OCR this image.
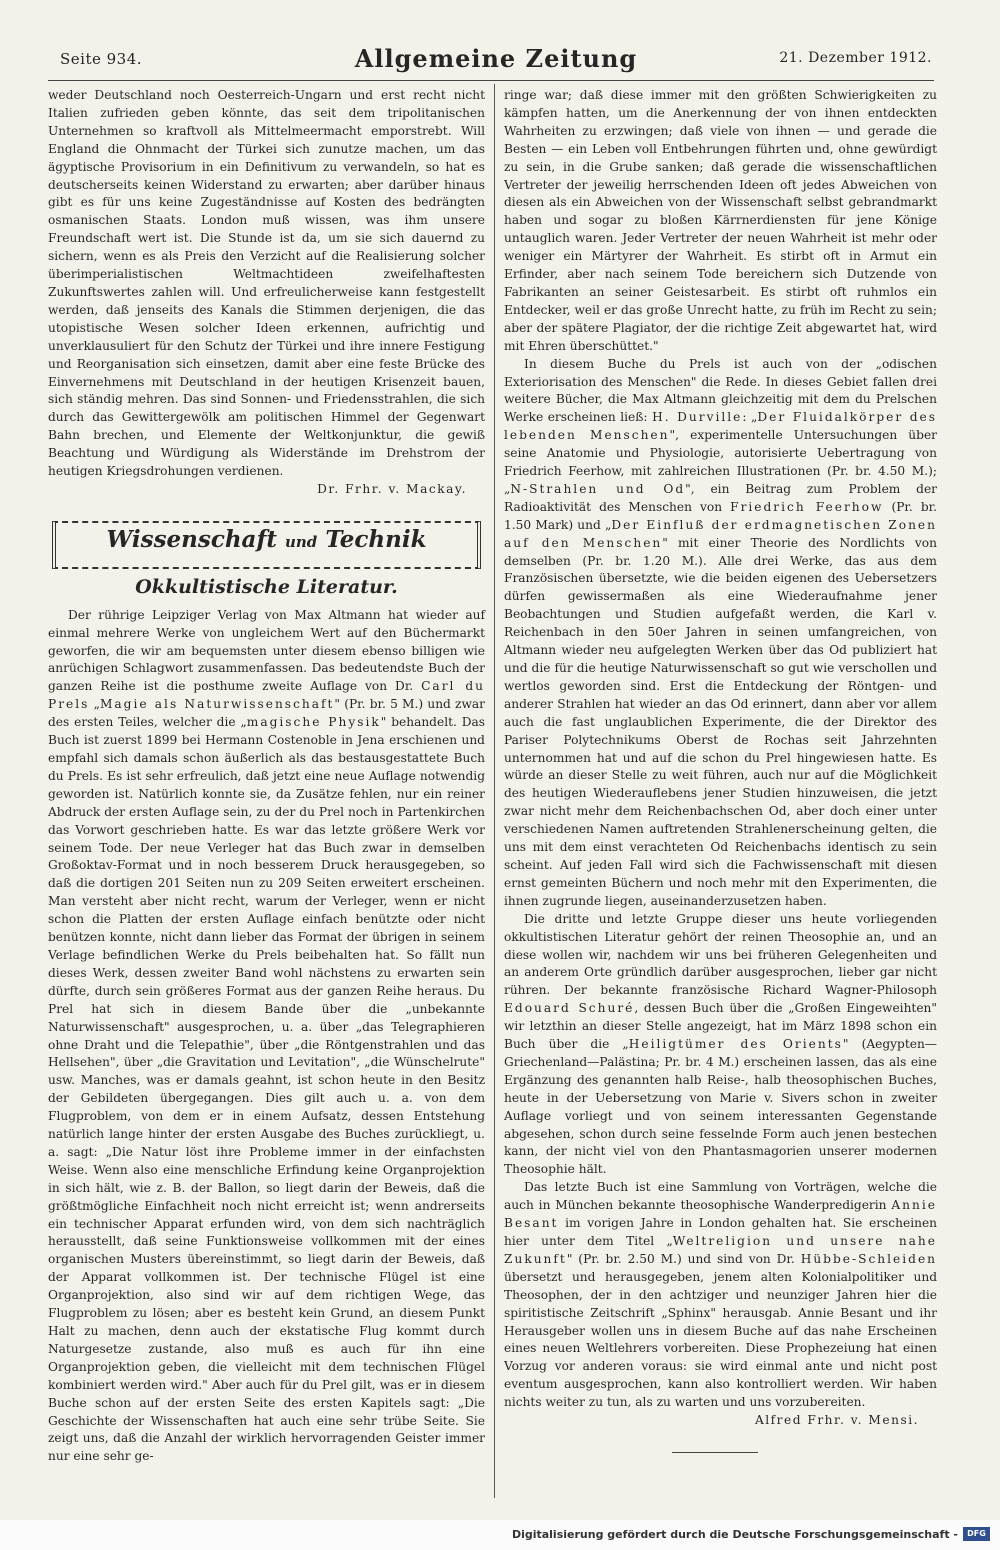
Seite 934.	Allgemeine Zeitung	21. Dezember 1912.

weder Deutschland noch Oesterreich-Ungarn und erst recht nicht Italien zufrieden geben könnte, das seit dem tripolitanischen Unternehmen so kraftvoll als Mittelmeermacht emporstrebt. Will England die Ohnmacht der Türkei sich zunutze machen, um das ägyptische Provisorium in ein Definitivum zu verwandeln, so hat es deutscherseits keinen Widerstand zu erwarten; aber darüber hinaus gibt es für uns keine Zugeständnisse auf Kosten des bedrängten osmanischen Staats. London muß wissen, was ihm unsere Freundschaft wert ist. Die Stunde ist da, um sie sich dauernd zu sichern, wenn es als Preis den Verzicht auf die Realisierung solcher überimperialistischen Weltmachtideen zweifelhaftesten Zukunftswertes zahlen will. Und erfreulicherweise kann festgestellt werden, daß jenseits des Kanals die Stimmen derjenigen, die das utopistische Wesen solcher Ideen erkennen, aufrichtig und unverklausuliert für den Schutz der Türkei und ihre innere Festigung und Reorganisation sich einsetzen, damit aber eine feste Brücke des Einvernehmens mit Deutschland in der heutigen Krisenzeit bauen, sich ständig mehren. Das sind Sonnen- und Friedensstrahlen, die sich durch das Gewittergewölk am politischen Himmel der Gegenwart Bahn brechen, und Elemente der Weltkonjunktur, die gewiß Beachtung und Würdigung als Widerstände im Drehstrom der heutigen Kriegsdrohungen verdienen.

Dr. Frhr. v. Mackay.

Wissenschaft und Technik
Okkultistische Literatur.

Der rührige Leipziger Verlag von Max Altmann hat wieder auf einmal mehrere Werke von ungleichem Wert auf den Büchermarkt geworfen, die wir am bequemsten unter diesem ebenso billigen wie anrüchigen Schlagwort zusammenfassen. Das bedeutendste Buch der ganzen Reihe ist die posthume zweite Auflage von Dr. Carl du Prels „Magie als Naturwissenschaft" (Pr. br. 5 M.) und zwar des ersten Teiles, welcher die „magische Physik" behandelt. Das Buch ist zuerst 1899 bei Hermann Costenoble in Jena erschienen und empfahl sich damals schon äußerlich als das bestausgestattete Buch du Prels. Es ist sehr erfreulich, daß jetzt eine neue Auflage notwendig geworden ist. Natürlich konnte sie, da Zusätze fehlen, nur ein reiner Abdruck der ersten Auflage sein, zu der du Prel noch in Partenkirchen das Vorwort geschrieben hatte. Es war das letzte größere Werk vor seinem Tode. Der neue Verleger hat das Buch zwar in demselben Großoktav-Format und in noch besserem Druck herausgegeben, so daß die dortigen 201 Seiten nun zu 209 Seiten erweitert erscheinen. Man versteht aber nicht recht, warum der Verleger, wenn er nicht schon die Platten der ersten Auflage einfach benützte oder nicht benützen konnte, nicht dann lieber das Format der übrigen in seinem Verlage befindlichen Werke du Prels beibehalten hat. So fällt nun dieses Werk, dessen zweiter Band wohl nächstens zu erwarten sein dürfte, durch sein größeres Format aus der ganzen Reihe heraus. Du Prel hat sich in diesem Bande über die „unbekannte Naturwissenschaft" ausgesprochen, u. a. über „das Telegraphieren ohne Draht und die Telepathie", über „die Röntgenstrahlen und das Hellsehen", über „die Gravitation und Levitation", „die Wünschelrute" usw. Manches, was er damals geahnt, ist schon heute in den Besitz der Gebildeten übergegangen. Dies gilt auch u. a. von dem Flugproblem, von dem er in einem Aufsatz, dessen Entstehung natürlich lange hinter der ersten Ausgabe des Buches zurückliegt, u. a. sagt: „Die Natur löst ihre Probleme immer in der einfachsten Weise. Wenn also eine menschliche Erfindung keine Organprojektion in sich hält, wie z. B. der Ballon, so liegt darin der Beweis, daß die größtmögliche Einfachheit noch nicht erreicht ist; wenn andrerseits ein technischer Apparat erfunden wird, von dem sich nachträglich herausstellt, daß seine Funktionsweise vollkommen mit der eines organischen Musters übereinstimmt, so liegt darin der Beweis, daß der Apparat vollkommen ist. Der technische Flügel ist eine Organprojektion, also sind wir auf dem richtigen Wege, das Flugproblem zu lösen; aber es besteht kein Grund, an diesem Punkt Halt zu machen, denn auch der ekstatische Flug kommt durch Naturgesetze zustande, also muß es auch für ihn eine Organprojektion geben, die vielleicht mit dem technischen Flügel kombiniert werden wird." Aber auch für du Prel gilt, was er in diesem Buche schon auf der ersten Seite des ersten Kapitels sagt: „Die Geschichte der Wissenschaften hat auch eine sehr trübe Seite. Sie zeigt uns, daß die Anzahl der wirklich hervorragenden Geister immer nur eine sehr ge-

ringe war; daß diese immer mit den größten Schwierigkeiten zu kämpfen hatten, um die Anerkennung der von ihnen entdeckten Wahrheiten zu erzwingen; daß viele von ihnen — und gerade die Besten — ein Leben voll Entbehrungen führten und, ohne gewürdigt zu sein, in die Grube sanken; daß gerade die wissenschaftlichen Vertreter der jeweilig herrschenden Ideen oft jedes Abweichen von diesen als ein Abweichen von der Wissenschaft selbst gebrandmarkt haben und sogar zu bloßen Kärrnerdiensten für jene Könige untauglich waren. Jeder Vertreter der neuen Wahrheit ist mehr oder weniger ein Märtyrer der Wahrheit. Es stirbt oft in Armut ein Erfinder, aber nach seinem Tode bereichern sich Dutzende von Fabrikanten an seiner Geistesarbeit. Es stirbt oft ruhmlos ein Entdecker, weil er das große Unrecht hatte, zu früh im Recht zu sein; aber der spätere Plagiator, der die richtige Zeit abgewartet hat, wird mit Ehren überschüttet."

In diesem Buche du Prels ist auch von der „odischen Exteriorisation des Menschen" die Rede. In dieses Gebiet fallen drei weitere Bücher, die Max Altmann gleichzeitig mit dem du Prelschen Werke erscheinen ließ: H. Durville: „Der Fluidalkörper des lebenden Menschen", experimentelle Untersuchungen über seine Anatomie und Physiologie, autorisierte Uebertragung von Friedrich Feerhow, mit zahlreichen Illustrationen (Pr. br. 4.50 M.); „N-Strahlen und Od", ein Beitrag zum Problem der Radioaktivität des Menschen von Friedrich Feerhow (Pr. br. 1.50 Mark) und „Der Einfluß der erdmagnetischen Zonen auf den Menschen" mit einer Theorie des Nordlichts von demselben (Pr. br. 1.20 M.). Alle drei Werke, das aus dem Französischen übersetzte, wie die beiden eigenen des Uebersetzers dürfen gewissermaßen als eine Wiederaufnahme jener Beobachtungen und Studien aufgefaßt werden, die Karl v. Reichenbach in den 50er Jahren in seinen umfangreichen, von Altmann wieder neu aufgelegten Werken über das Od publiziert hat und die für die heutige Naturwissenschaft so gut wie verschollen und wertlos geworden sind. Erst die Entdeckung der Röntgen- und anderer Strahlen hat wieder an das Od erinnert, dann aber vor allem auch die fast unglaublichen Experimente, die der Direktor des Pariser Polytechnikums Oberst de Rochas seit Jahrzehnten unternommen hat und auf die schon du Prel hingewiesen hatte. Es würde an dieser Stelle zu weit führen, auch nur auf die Möglichkeit des heutigen Wiederauflebens jener Studien hinzuweisen, die jetzt zwar nicht mehr dem Reichenbachschen Od, aber doch einer unter verschiedenen Namen auftretenden Strahlenerscheinung gelten, die uns mit dem einst verachteten Od Reichenbachs identisch zu sein scheint. Auf jeden Fall wird sich die Fachwissenschaft mit diesen ernst gemeinten Büchern und noch mehr mit den Experimenten, die ihnen zugrunde liegen, auseinanderzusetzen haben.

Die dritte und letzte Gruppe dieser uns heute vorliegenden okkultistischen Literatur gehört der reinen Theosophie an, und an diese wollen wir, nachdem wir uns bei früheren Gelegenheiten und an anderem Orte gründlich darüber ausgesprochen, lieber gar nicht rühren. Der bekannte französische Richard Wagner-Philosoph Edouard Schuré, dessen Buch über die „Großen Eingeweihten" wir letzthin an dieser Stelle angezeigt, hat im März 1898 schon ein Buch über die „Heiligtümer des Orients" (Aegypten—Griechenland—Palästina; Pr. br. 4 M.) erscheinen lassen, das als eine Ergänzung des genannten halb Reise-, halb theosophischen Buches, heute in der Uebersetzung von Marie v. Sivers schon in zweiter Auflage vorliegt und von seinem interessanten Gegenstande abgesehen, schon durch seine fesselnde Form auch jenen bestechen kann, der nicht viel von den Phantasmagorien unserer modernen Theosophie hält.

Das letzte Buch ist eine Sammlung von Vorträgen, welche die auch in München bekannte theosophische Wanderpredigerin Annie Besant im vorigen Jahre in London gehalten hat. Sie erscheinen hier unter dem Titel „Weltreligion und unsere nahe Zukunft" (Pr. br. 2.50 M.) und sind von Dr. Hübbe-Schleiden übersetzt und herausgegeben, jenem alten Kolonialpolitiker und Theosophen, der in den achtziger und neunziger Jahren hier die spiritistische Zeitschrift „Sphinx" herausgab. Annie Besant und ihr Herausgeber wollen uns in diesem Buche auf das nahe Erscheinen eines neuen Weltlehrers vorbereiten. Diese Prophezeiung hat einen Vorzug vor anderen voraus: sie wird einmal ante und nicht post eventum ausgesprochen, kann also kontrolliert werden. Wir haben nichts weiter zu tun, als zu warten und uns vorzubereiten.

Alfred Frhr. v. Mensi.

Digitalisierung gefördert durch die Deutsche Forschungsgemeinschaft -	DFG
